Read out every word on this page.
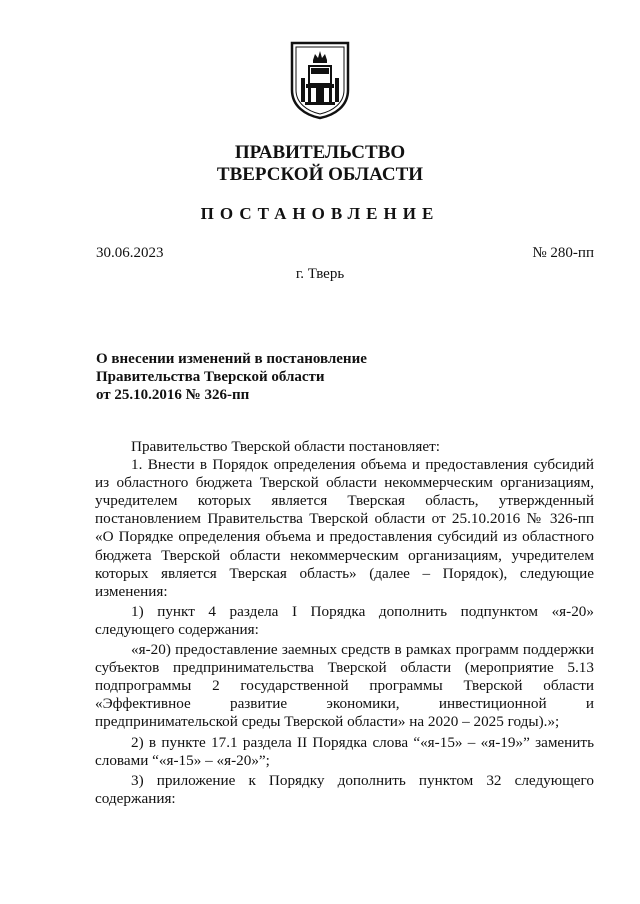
ПРАВИТЕЛЬСТВО
ТВЕРСКОЙ ОБЛАСТИ
ПОСТАНОВЛЕНИЕ
30.06.2023	№ 280-пп
г. Тверь
О внесении изменений в постановление
Правительства Тверской области
от 25.10.2016 № 326-пп

Правительство Тверской области постановляет:

1. Внести в Порядок определения объема и предоставления субсидий из областного бюджета Тверской области некоммерческим организациям, учредителем которых является Тверская область, утвержденный постановлением Правительства Тверской области от 25.10.2016 № 326-пп «О Порядке определения объема и предоставления субсидий из областного бюджета Тверской области некоммерческим организациям, учредителем которых является Тверская область» (далее – Порядок), следующие изменения:

1) пункт 4 раздела I Порядка дополнить подпунктом «я-20» следующего содержания:

«я-20) предоставление заемных средств в рамках программ поддержки субъектов предпринимательства Тверской области (мероприятие 5.13 подпрограммы 2 государственной программы Тверской области «Эффективное развитие экономики, инвестиционной и предпринимательской среды Тверской области» на 2020 – 2025 годы).»;

2) в пункте 17.1 раздела II Порядка слова “«я-15» – «я-19»” заменить словами “«я-15» – «я-20»”;

3) приложение к Порядку дополнить пунктом 32 следующего содержания:
